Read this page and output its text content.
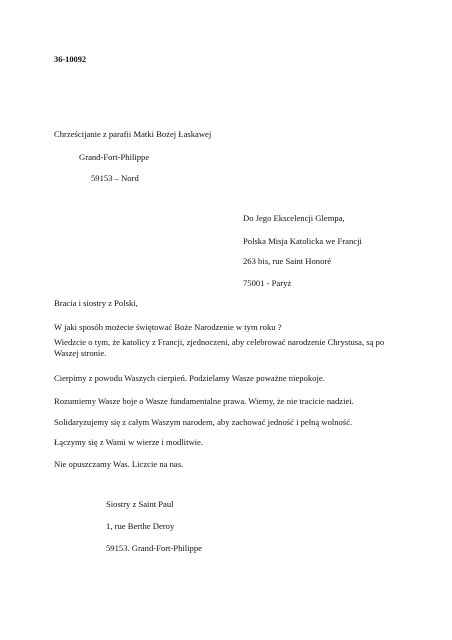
36-10092
Chrześcijanie z parafii Matki Bożej Łaskawej
Grand-Fort-Philippe
59153 – Nord
Do Jego Ekscelencji Glempa,
Polska Misja Katolicka we Francji
263 bis, rue Saint Honoré
75001 - Paryż
Bracia i siostry z Polski,
W jaki sposób możecie świętować Boże Narodzenie w tym roku ?
Wiedzcie o tym, że katolicy z Francji, zjednoczeni, aby celebrować narodzenie Chrystusa, są po Waszej stronie.
Cierpimy z powodu Waszych cierpień. Podzielamy Wasze poważne niepokoje.
Rozumiemy Wasze boje o Wasze fundamentalne prawa. Wiemy, że nie tracicie nadziei.
Solidaryzujemy się z całym Waszym narodem, aby zachować jedność i pełną wolność.
Łączymy się z Wami w wierze i modlitwie.
Nie opuszczamy Was. Liczcie na nas.
Siostry z Saint Paul
1, rue Berthe Deroy
59153. Grand-Fort-Philippe
